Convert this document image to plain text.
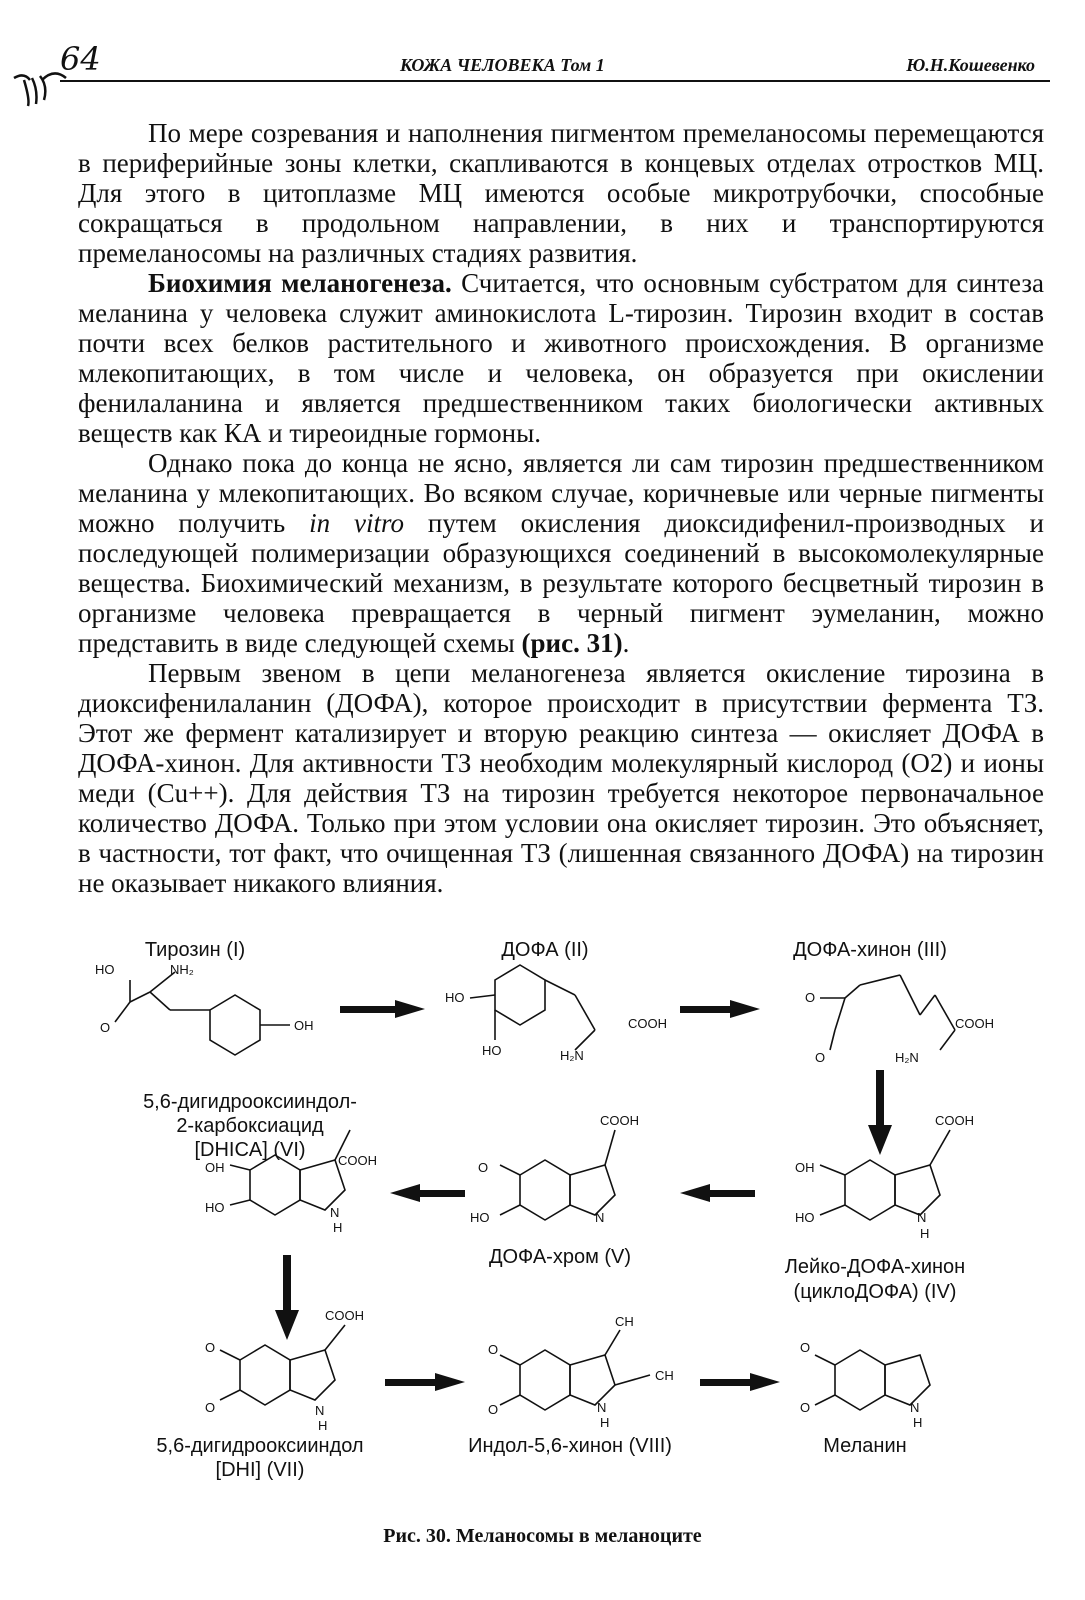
64	КОЖА ЧЕЛОВЕКА Том 1	Ю.Н.Кошевенко

По мере созревания и наполнения пигментом премеланосомы перемещаются в периферийные зоны клетки, скапливаются в концевых отделах отростков МЦ. Для этого в цитоплазме МЦ имеются особые микротрубочки, способные сокращаться в продольном направлении, в них и транспортируются премеланосомы на различных стадиях развития.

Биохимия меланогенеза. Считается, что основным субстратом для синтеза меланина у человека служит аминокислота L-тирозин. Тирозин входит в состав почти всех белков растительного и животного происхождения. В организме млекопитающих, в том числе и человека, он образуется при окислении фенилаланина и является предшественником таких биологически активных веществ как КА и тиреоидные гормоны.

Однако пока до конца не ясно, является ли сам тирозин предшественником меланина у млекопитающих. Во всяком случае, коричневые или черные пигменты можно получить in vitro путем окисления диоксидифенил-производных и последующей полимеризации образующихся соединений в высокомолекулярные вещества. Биохимический механизм, в результате которого бесцветный тирозин в организме человека превращается в черный пигмент эумеланин, можно представить в виде следующей схемы (рис. 31).

Первым звеном в цепи меланогенеза является окисление тирозина в диоксифенилаланин (ДОФА), которое происходит в присутствии фермента ТЗ. Этот же фермент катализирует и вторую реакцию синтеза — окисляет ДОФА в ДОФА-хинон. Для активности ТЗ необходим молекулярный кислород (О2) и ионы меди (Cu++). Для действия ТЗ на тирозин требуется некоторое первоначальное количество ДОФА. Только при этом условии она окисляет тирозин. Это объясняет, в частности, тот факт, что очищенная ТЗ (лишенная связанного ДОФА) на тирозин не оказывает никакого влияния.

Тирозин (I)	ДОФА (II)	ДОФА-хинон (III)
5,6-дигидрооксииндол-
2-карбоксиацид
[DHICA] (VI)
ДОФА-хром (V)	Лейко-ДОФА-хинон
(циклоДОФА) (IV)
5,6-дигидрооксииндол
[DHI] (VII)
Индол-5,6-хинон (VIII)	Меланин
HO	NH₂
O	OH
HO
HO	H₂N
COOH
O
O	H₂N
COOH
OH
HO
COOH
N
H
O
HO
COOH
N
OH
HO
COOH
N
H
COOH
O
O	N
H
CH
CH
O
O	N
H
O
O	N
H
Рис. 30. Меланосомы в меланоците
